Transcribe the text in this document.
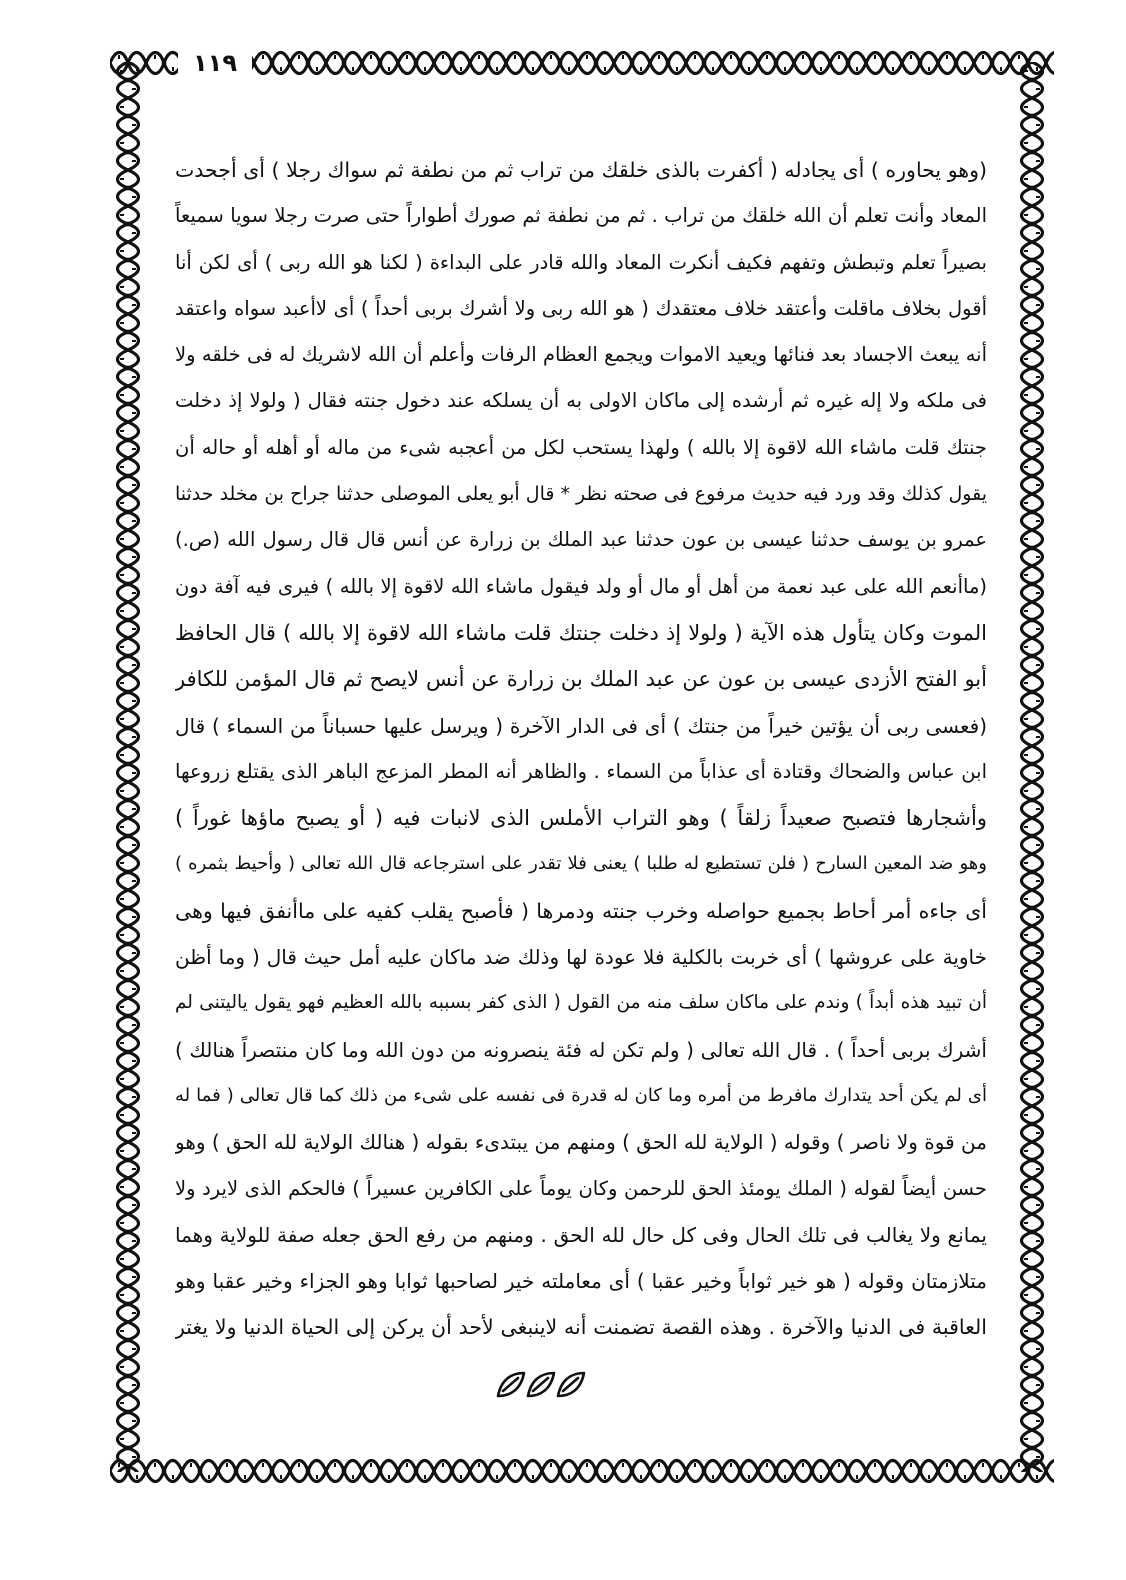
١١٩
(وهو يحاوره ) أى يجادله ( أكفرت بالذى خلقك من تراب ثم من نطفة ثم سواك رجلا ) أى أجحدت
المعاد وأنت تعلم أن الله خلقك من تراب . ثم من نطفة ثم صورك أطواراً حتى صرت رجلا سويا سميعاً
بصيراً تعلم وتبطش وتفهم فكيف أنكرت المعاد والله قادر على البداءة ( لكنا هو الله ربى ) أى لكن أنا
أقول بخلاف ماقلت وأعتقد خلاف معتقدك ( هو الله ربى ولا أشرك بربى أحداً ) أى لاأعبد سواه واعتقد
أنه يبعث الاجساد بعد فنائها ويعيد الاموات ويجمع العظام الرفات وأعلم أن الله لاشريك له فى خلقه ولا
فى ملكه ولا إله غيره ثم أرشده إلى ماكان الاولى به أن يسلكه عند دخول جنته فقال ( ولولا إذ دخلت
جنتك قلت ماشاء الله لاقوة إلا بالله ) ولهذا يستحب لكل من أعجبه شىء من ماله أو أهله أو حاله أن
يقول كذلك وقد ورد فيه حديث مرفوع فى صحته نظر * قال أبو يعلى الموصلى حدثنا جراح بن مخلد حدثنا
عمرو بن يوسف حدثنا عيسى بن عون حدثنا عبد الملك بن زرارة عن أنس قال قال رسول الله (ص.)
(ماأنعم الله على عبد نعمة من أهل أو مال أو ولد فيقول ماشاء الله لاقوة إلا بالله ) فيرى فيه آفة دون
الموت وكان يتأول هذه الآية ( ولولا إذ دخلت جنتك قلت ماشاء الله لاقوة إلا بالله ) قال الحافظ
أبو الفتح الأزدى عيسى بن عون عن عبد الملك بن زرارة عن أنس لايصح ثم قال المؤمن للكافر
(فعسى ربى أن يؤتين خيراً من جنتك ) أى فى الدار الآخرة ( ويرسل عليها حسباناً من السماء ) قال
ابن عباس والضحاك وقتادة أى عذاباً من السماء . والظاهر أنه المطر المزعج الباهر الذى يقتلع زروعها
وأشجارها فتصبح صعيداً زلقاً ) وهو التراب الأملس الذى لانبات فيه ( أو يصبح ماؤها غوراً )
وهو ضد المعين السارح ( فلن تستطيع له طلبا ) يعنى فلا تقدر على استرجاعه قال الله تعالى ( وأحيط بثمره )
أى جاءه أمر أحاط بجميع حواصله وخرب جنته ودمرها ( فأصبح يقلب كفيه على ماأنفق فيها وهى
خاوية على عروشها ) أى خربت بالكلية فلا عودة لها وذلك ضد ماكان عليه أمل حيث قال ( وما أظن
أن تبيد هذه أبداً ) وندم على ماكان سلف منه من القول ( الذى كفر بسببه بالله العظيم فهو يقول ياليتنى لم
أشرك بربى أحداً ) . قال الله تعالى ( ولم تكن له فئة ينصرونه من دون الله وما كان منتصراً هنالك )
أى لم يكن أحد يتدارك مافرط من أمره وما كان له قدرة فى نفسه على شىء من ذلك كما قال تعالى ( فما له
من قوة ولا ناصر ) وقوله ( الولاية لله الحق ) ومنهم من يبتدىء بقوله ( هنالك الولاية لله الحق ) وهو
حسن أيضاً لقوله ( الملك يومئذ الحق للرحمن وكان يوماً على الكافرين عسيراً ) فالحكم الذى لايرد ولا
يمانع ولا يغالب فى تلك الحال وفى كل حال لله الحق . ومنهم من رفع الحق جعله صفة للولاية وهما
متلازمتان وقوله ( هو خير ثواباً وخير عقبا ) أى معاملته خير لصاحبها ثوابا وهو الجزاء وخير عقبا وهو
العاقبة فى الدنيا والآخرة . وهذه القصة تضمنت أنه لاينبغى لأحد أن يركن إلى الحياة الدنيا ولا يغتر
